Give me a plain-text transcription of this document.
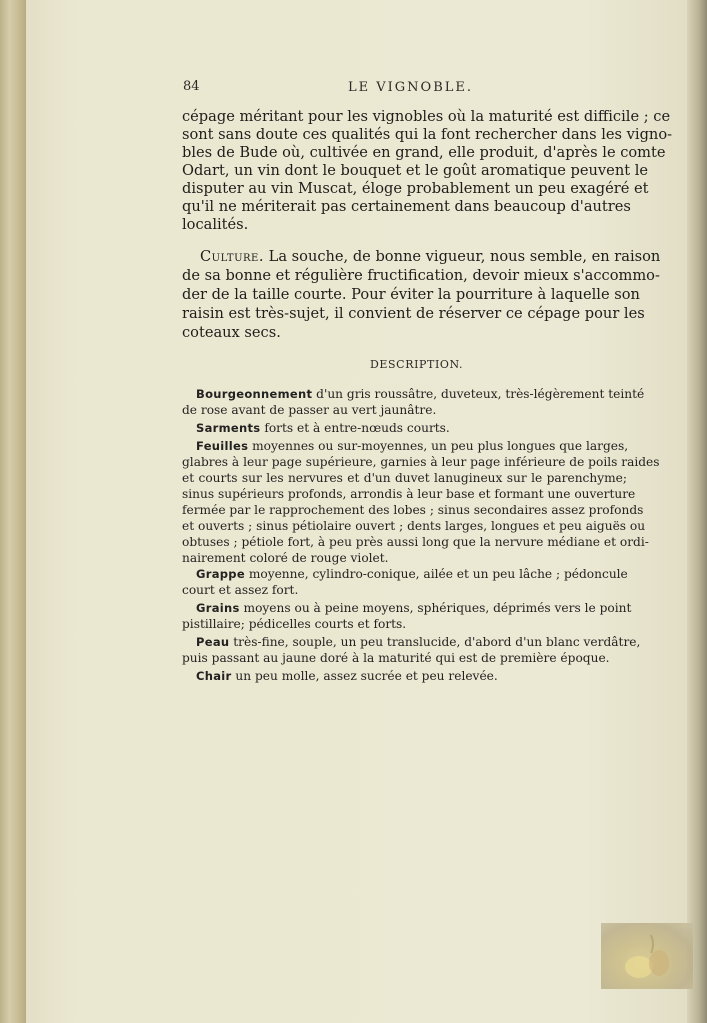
84	LE VIGNOBLE.
cépage méritant pour les vignobles où la maturité est difficile ; ce
sont sans doute ces qualités qui la font rechercher dans les vigno-
bles de Bude où, cultivée en grand, elle produit, d'après le comte
Odart, un vin dont le bouquet et le goût aromatique peuvent le
disputer au vin Muscat, éloge probablement un peu exagéré et
qu'il ne mériterait pas certainement dans beaucoup d'autres
localités.
Culture. La souche, de bonne vigueur, nous semble, en raison
de sa bonne et régulière fructification, devoir mieux s'accommo-
der de la taille courte. Pour éviter la pourriture à laquelle son
raisin est très-sujet, il convient de réserver ce cépage pour les
coteaux secs.
DESCRIPTION.
Bourgeonnement d'un gris roussâtre, duveteux, très-légèrement teinté
de rose avant de passer au vert jaunâtre.
Sarments forts et à entre-nœuds courts.
Feuilles moyennes ou sur-moyennes, un peu plus longues que larges,
glabres à leur page supérieure, garnies à leur page inférieure de poils raides
et courts sur les nervures et d'un duvet lanugineux sur le parenchyme;
sinus supérieurs profonds, arrondis à leur base et formant une ouverture
fermée par le rapprochement des lobes ; sinus secondaires assez profonds
et ouverts ; sinus pétiolaire ouvert ; dents larges, longues et peu aiguës ou
obtuses ; pétiole fort, à peu près aussi long que la nervure médiane et ordi-
nairement coloré de rouge violet.
Grappe moyenne, cylindro-conique, ailée et un peu lâche ; pédoncule
court et assez fort.
Grains moyens ou à peine moyens, sphériques, déprimés vers le point
pistillaire; pédicelles courts et forts.
Peau très-fine, souple, un peu translucide, d'abord d'un blanc verdâtre,
puis passant au jaune doré à la maturité qui est de première époque.
Chair un peu molle, assez sucrée et peu relevée.
